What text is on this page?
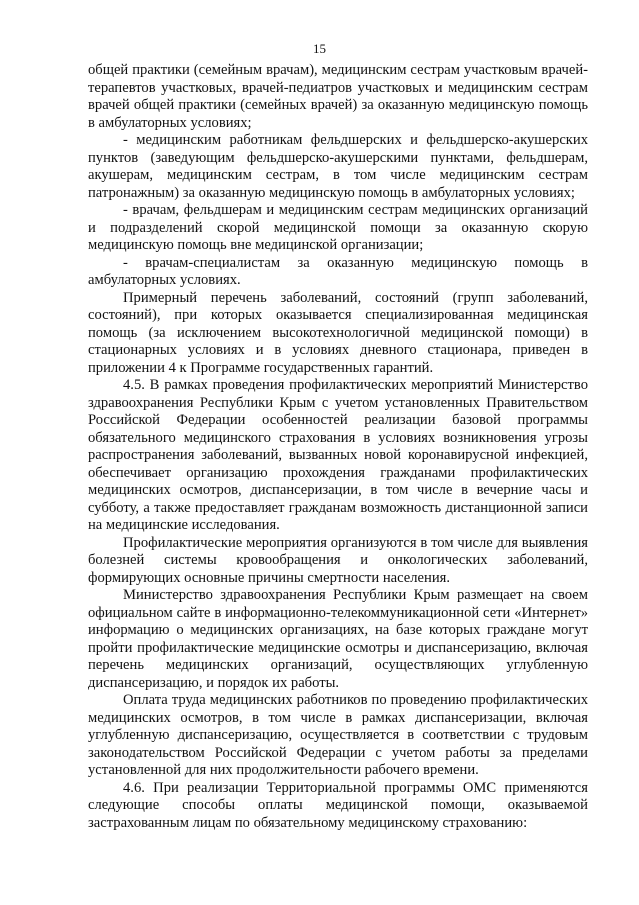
15

общей практики (семейным врачам), медицинским сестрам участковым врачей-терапевтов участковых, врачей-педиатров участковых и медицинским сестрам врачей общей практики (семейных врачей) за оказанную медицинскую помощь в амбулаторных условиях;

- медицинским работникам фельдшерских и фельдшерско-акушерских пунктов (заведующим фельдшерско-акушерскими пунктами, фельдшерам, акушерам, медицинским сестрам, в том числе медицинским сестрам патронажным) за оказанную медицинскую помощь в амбулаторных условиях;

- врачам, фельдшерам и медицинским сестрам медицинских организаций и подразделений скорой медицинской помощи за оказанную скорую медицинскую помощь вне медицинской организации;

- врачам-специалистам за оказанную медицинскую помощь в амбулаторных условиях.

Примерный перечень заболеваний, состояний (групп заболеваний, состояний), при которых оказывается специализированная медицинская помощь (за исключением высокотехнологичной медицинской помощи) в стационарных условиях и в условиях дневного стационара, приведен в приложении 4 к Программе государственных гарантий.

4.5. В рамках проведения профилактических мероприятий Министерство здравоохранения Республики Крым с учетом установленных Правительством Российской Федерации особенностей реализации базовой программы обязательного медицинского страхования в условиях возникновения угрозы распространения заболеваний, вызванных новой коронавирусной инфекцией, обеспечивает организацию прохождения гражданами профилактических медицинских осмотров, диспансеризации, в том числе в вечерние часы и субботу, а также предоставляет гражданам возможность дистанционной записи на медицинские исследования.

Профилактические мероприятия организуются в том числе для выявления болезней системы кровообращения и онкологических заболеваний, формирующих основные причины смертности населения.

Министерство здравоохранения Республики Крым размещает на своем официальном сайте в информационно-телекоммуникационной сети «Интернет» информацию о медицинских организациях, на базе которых граждане могут пройти профилактические медицинские осмотры и диспансеризацию, включая перечень медицинских организаций, осуществляющих углубленную диспансеризацию, и порядок их работы.

Оплата труда медицинских работников по проведению профилактических медицинских осмотров, в том числе в рамках диспансеризации, включая углубленную диспансеризацию, осуществляется в соответствии с трудовым законодательством Российской Федерации с учетом работы за пределами установленной для них продолжительности рабочего времени.

4.6. При реализации Территориальной программы ОМС применяются следующие способы оплаты медицинской помощи, оказываемой застрахованным лицам по обязательному медицинскому страхованию:
